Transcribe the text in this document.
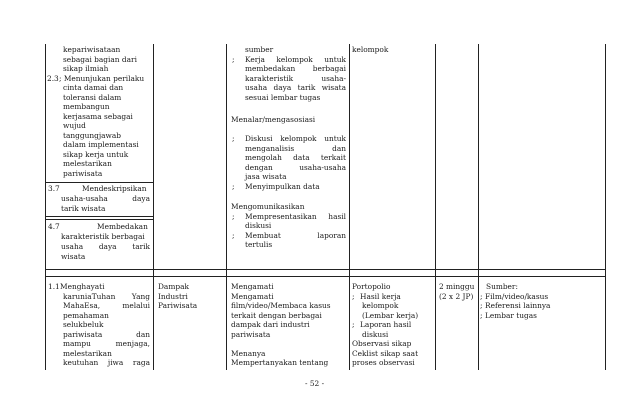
kepariwisataan
sebagai bagian dari
sikap ilmiah
2.3 ; Menunjukan perilaku
cinta damai dan
toleransi dalam
membangun
kerjasama sebagai
wujud
tanggungjawab
dalam implementasi
sikap kerja untuk
melestarikan
pariwisata
3.7	Mendeskripsikan
usaha-usaha daya
tarik wisata
4.7	Membedakan
karakteristik berbagai
usaha daya tarik
wisata
sumber
; Kerja kelompok untuk
membedakan berbagai
karakteristik usaha-
usaha daya tarik wisata
sesuai lembar tugas
Menalar/mengasosiasi
; Diskusi kelompok untuk
menganalisis dan
mengolah data terkait
dengan usaha-usaha
jasa wisata
; Menyimpulkan data
Mengomunikasikan
; Mempresentasikan hasil
diskusi
; Membuat laporan
tertulis
kelompok
1.1 Menghayati
karuniaTuhan Yang
MahaEsa, melalui
pemahaman
selukbeluk
pariwisata dan
mampu menjaga,
melestarikan
keutuhan jiwa raga
Dampak
Industri
Pariwisata
Mengamati
Mengamati
film/video/Membaca kasus
terkait dengan berbagai
dampak dari industri
pariwisata
Menanya
Mempertanyakan tentang
Portopolio
; Hasil kerja
kelompok
(Lembar kerja)
; Laporan hasil
diskusi
Observasi sikap
Ceklist sikap saat
proses observasi
2 minggu
(2 x 2 JP)
Sumber:
; Film/video/kasus
; Referensi lainnya
; Lembar tugas
- 52 -
